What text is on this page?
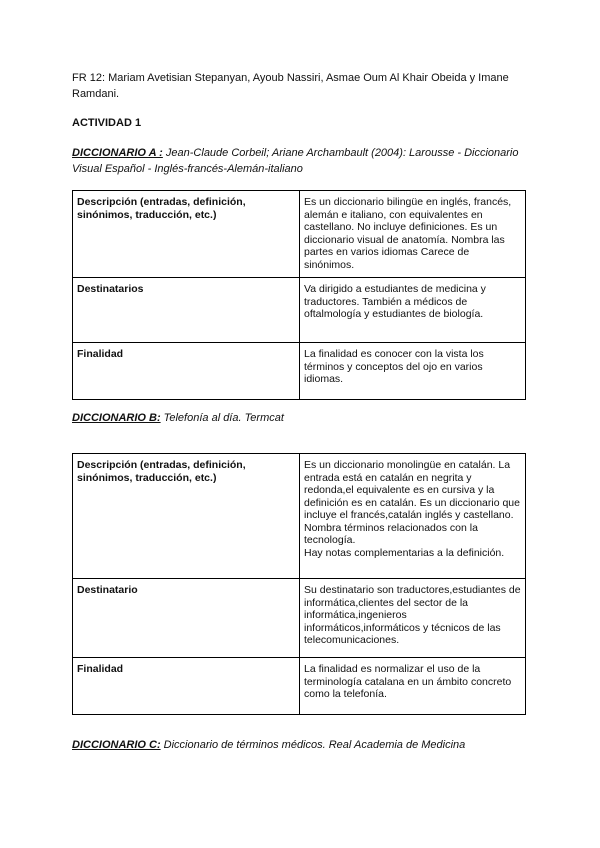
FR 12: Mariam Avetisian Stepanyan, Ayoub Nassiri, Asmae Oum Al Khair Obeida y Imane Ramdani.
ACTIVIDAD 1
DICCIONARIO A : Jean-Claude Corbeil; Ariane Archambault (2004): Larousse - Diccionario Visual Español - Inglés-francés-Alemán-italiano
Descripción (entradas, definición, sinónimos, traducción, etc.)	Es un diccionario bilingüe en inglés, francés, alemán e italiano, con equivalentes en castellano. No incluye definiciones. Es un diccionario visual de anatomía. Nombra las partes en varios idiomas Carece de sinónimos.
Destinatarios	Va dirigido a estudiantes de medicina y traductores. También a médicos de oftalmología y estudiantes de biología.
Finalidad	La finalidad es conocer con la vista los términos y conceptos del ojo en varios idiomas.
DICCIONARIO B: Telefonía al día. Termcat
Descripción (entradas, definición, sinónimos, traducción, etc.)	Es un diccionario monolingüe en catalán. La entrada está en catalán en negrita y redonda,el equivalente es en cursiva y la definición es en catalán. Es un diccionario que incluye el francés,catalán inglés y castellano.
Nombra términos relacionados con la tecnología.
Hay notas complementarias a la definición.
Destinatario	Su destinatario son traductores,estudiantes de informática,clientes del sector de la informática,ingenieros informáticos,informáticos y técnicos de las telecomunicaciones.
Finalidad	La finalidad es normalizar el uso de la terminología catalana en un ámbito concreto como la telefonía.
DICCIONARIO C: Diccionario de términos médicos. Real Academia de Medicina
